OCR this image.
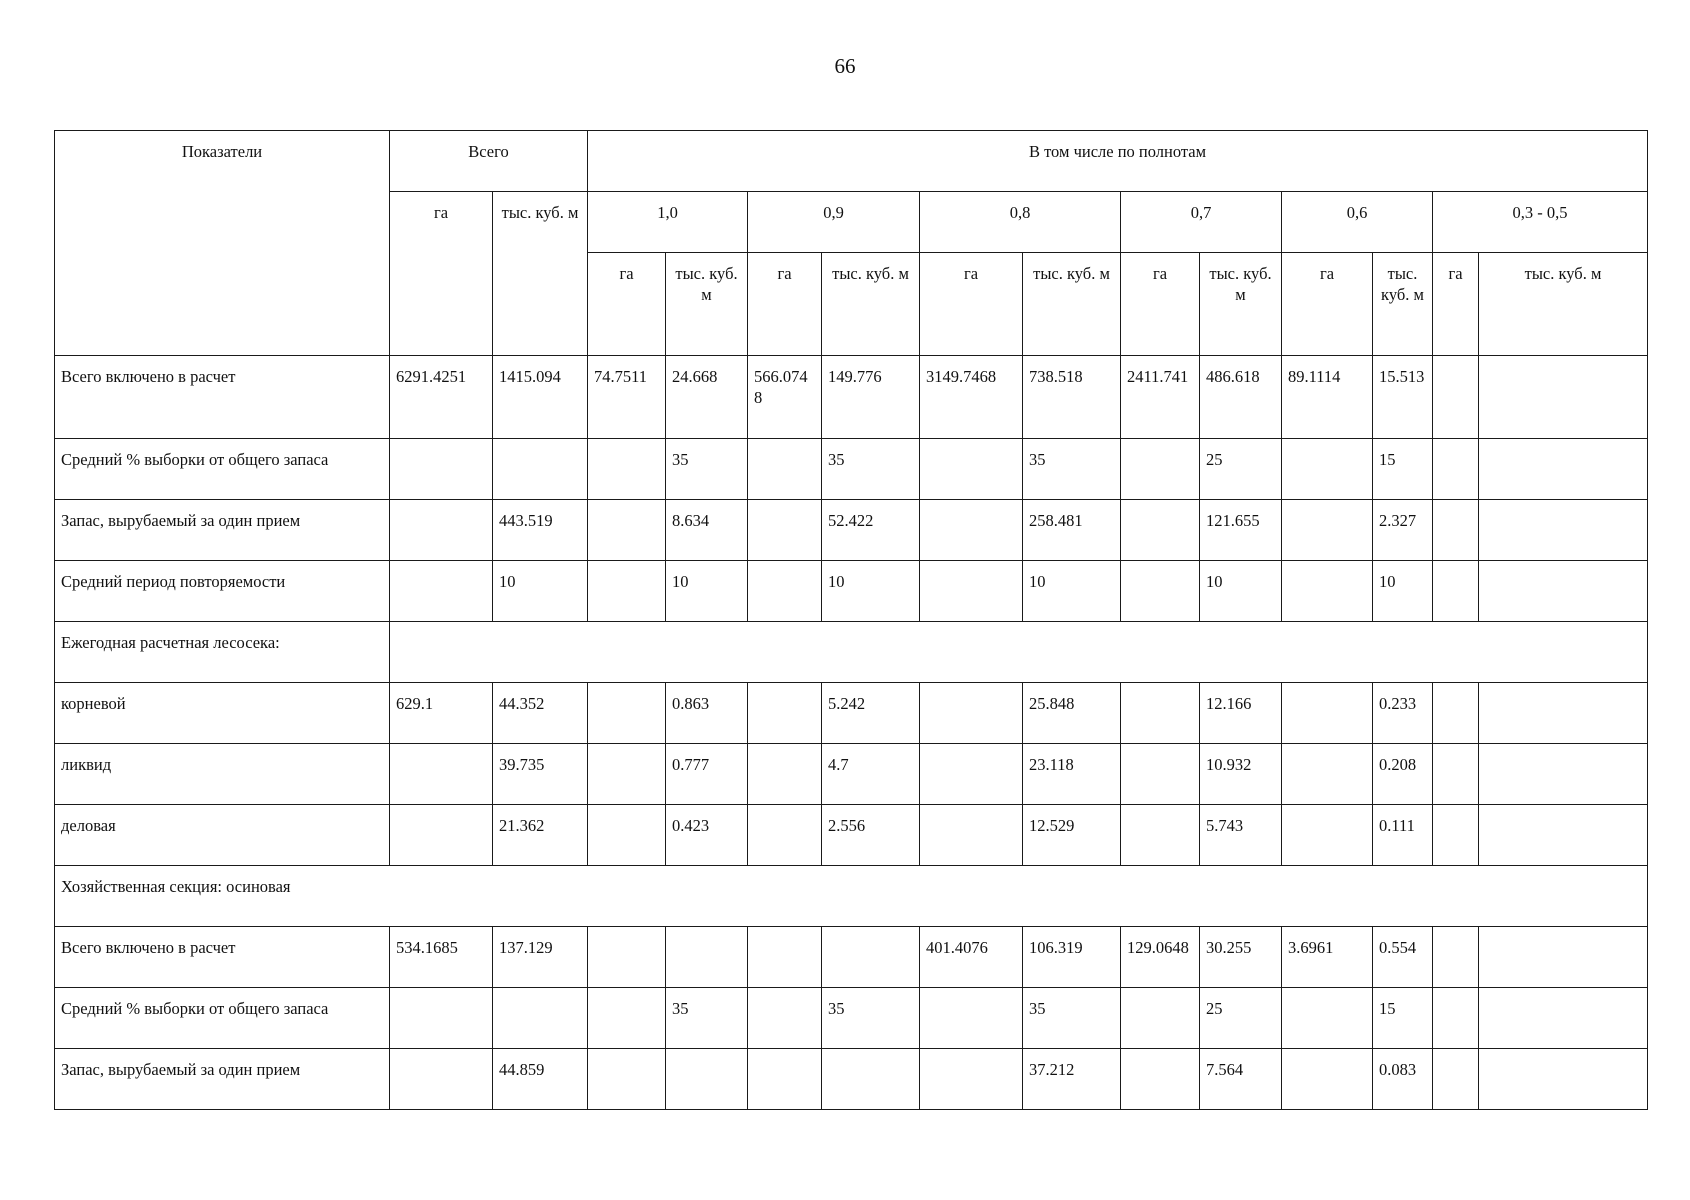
66
Показатели	Всего		В том числе по полнотам											
	га	тыс. куб. м	1,0		0,9		0,8		0,7		0,6		0,3 - 0,5	
			га	тыс. куб. м	га	тыс. куб. м	га	тыс. куб. м	га	тыс. куб. м	га	тыс. куб. м	га	тыс. куб. м
Всего включено в расчет	6291.4251	1415.094	74.7511	24.668	566.0748	149.776	3149.7468	738.518	2411.741	486.618	89.1114	15.513		
Средний % выборки от общего запаса				35		35		35		25		15		
Запас, вырубаемый за один прием		443.519		8.634		52.422		258.481		121.655		2.327		
Средний период повторяемости		10		10		10		10		10		10		
Ежегодная расчетная лесосека:														
корневой	629.1	44.352		0.863		5.242		25.848		12.166		0.233		
ликвид		39.735		0.777		4.7		23.118		10.932		0.208		
деловая		21.362		0.423		2.556		12.529		5.743		0.111		
Хозяйственная секция: осиновая														
Всего включено в расчет	534.1685	137.129					401.4076	106.319	129.0648	30.255	3.6961	0.554		
Средний % выборки от общего запаса				35		35		35		25		15		
Запас, вырубаемый за один прием		44.859						37.212		7.564		0.083		
